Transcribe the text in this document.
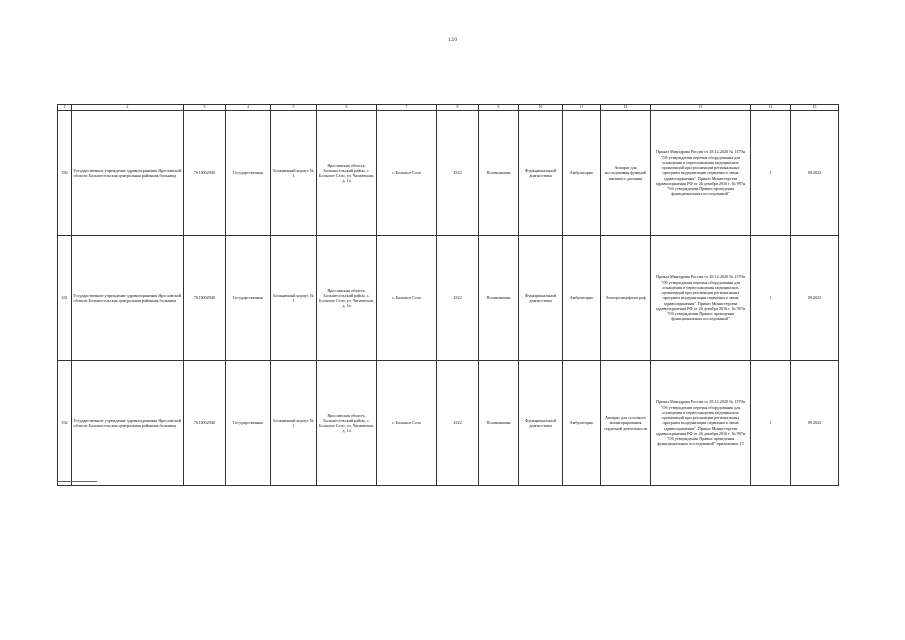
120
1	2	3	4	5	6	7	8	9	10	11	12	13	14	15
330	Государственное учреждение здравоохранения Ярославской области Большесельская центральная районная больница	7613002940	Государственная	Больничный корпус № 1	Ярославская область, Большесельский район, с. Большое Село, ул. Чапаевская, д. 1а	с. Большое Село	4322	Поликлиника	Функциональной диагностики	Амбулаторно	Аппарат для исследования функций внешнего дыхания	Приказ Минздрава России от 28.12.2020 № 1379н "Об утверждении перечня оборудования для оснащения и переоснащения медицинских организаций при реализации региональных программ модернизации первичного звена здравоохранения". Приказ Министерства здравоохранения РФ от 26 декабря 2016 г. № 997н "Об утверждении Правил проведения функциональных исследований"	1	09.2022
331	Государственное учреждение здравоохранения Ярославской области Большесельская центральная районная больница	7613002940	Государственная	Больничный корпус № 1	Ярославская область, Большесельский район, с. Большое Село, ул. Чапаевская, д. 1а	с. Большое Село	4322	Поликлиника	Функциональной диагностики	Амбулаторно	Электроэнцефалограф	Приказ Минздрава России от 28.12.2020 № 1379н "Об утверждении перечня оборудования для оснащения и переоснащения медицинских организаций при реализации региональных программ модернизации первичного звена здравоохранения". Приказ Министерства здравоохранения РФ от 26 декабря 2016 г. № 997н "Об утверждении Правил проведения функциональных исследований"	1	09.2022
332	Государственное учреждение здравоохранения Ярославской области Большесельская центральная районная больница	7613002940	Государственная	Больничный корпус № 1	Ярославская область, Большесельский район, с. Большое Село, ул. Чапаевская, д. 1а	с. Большое Село	4322	Поликлиника	Функциональной диагностики	Амбулаторно	Аппарат для суточного мониторирования сердечной деятельности	Приказ Минздрава России от 28.12.2020 № 1379н "Об утверждении перечня оборудования для оснащения и переоснащения медицинских организаций при реализации региональных программ модернизации первичного звена здравоохранения". Приказ Министерства здравоохранения РФ от 26 декабря 2016 г. № 997н "Об утверждении Правил проведения функциональных исследований" приложение 15	1	09.2022
